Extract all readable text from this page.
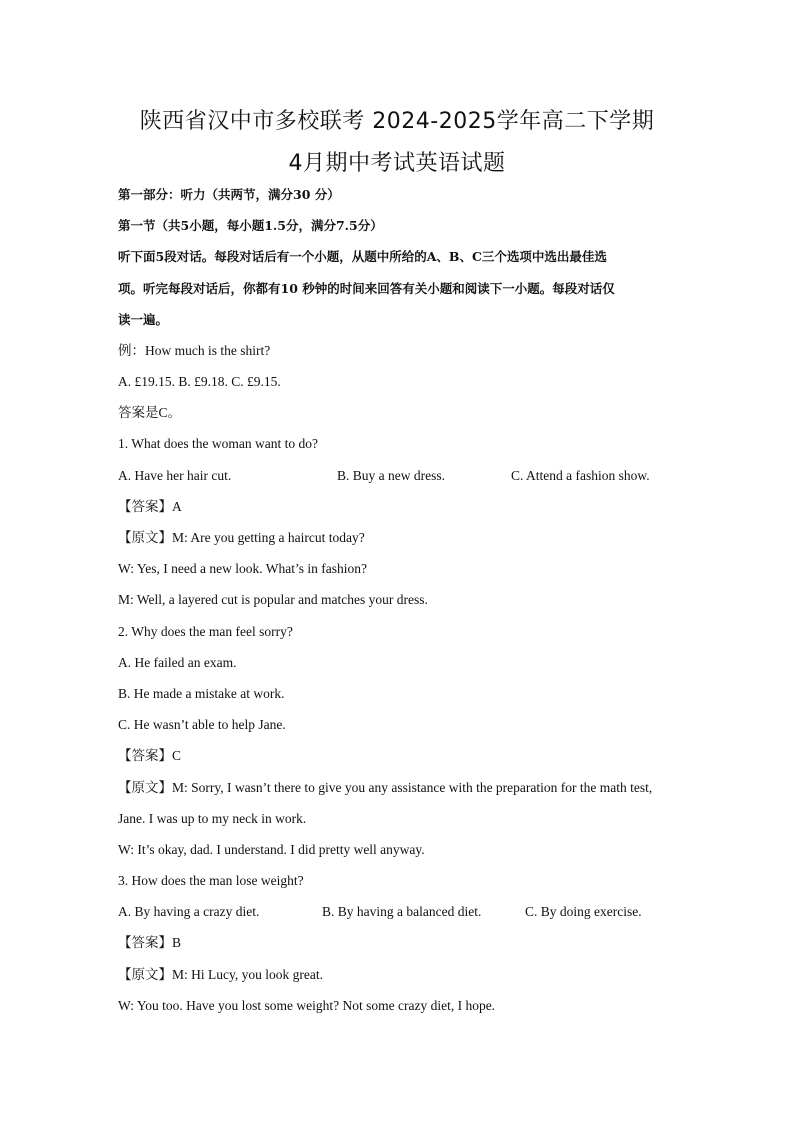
陕西省汉中市多校联考 2024-2025学年高二下学期
4月期中考试英语试题
第一部分：听力（共两节，满分30 分）
第一节（共5小题，每小题1.5分，满分7.5分）
听下面5段对话。每段对话后有一个小题，从题中所给的A、B、C三个选项中选出最佳选
项。听完每段对话后，你都有10 秒钟的时间来回答有关小题和阅读下一小题。每段对话仅
读一遍。
例：How much is the shirt?
A. £19.15. B. £9.18. C. £9.15.
答案是C。
1. What does the woman want to do?
A. Have her hair cut.	B. Buy a new dress.	C. Attend a fashion show.
【答案】A
【原文】M: Are you getting a haircut today?
W: Yes, I need a new look. What’s in fashion?
M: Well, a layered cut is popular and matches your dress.
2. Why does the man feel sorry?
A. He failed an exam.
B. He made a mistake at work.
C. He wasn’t able to help Jane.
【答案】C
【原文】M: Sorry, I wasn’t there to give you any assistance with the preparation for the math test,
Jane. I was up to my neck in work.
W: It’s okay, dad. I understand. I did pretty well anyway.
3. How does the man lose weight?
A. By having a crazy diet.	B. By having a balanced diet.	C. By doing exercise.
【答案】B
【原文】M: Hi Lucy, you look great.
W: You too. Have you lost some weight? Not some crazy diet, I hope.
